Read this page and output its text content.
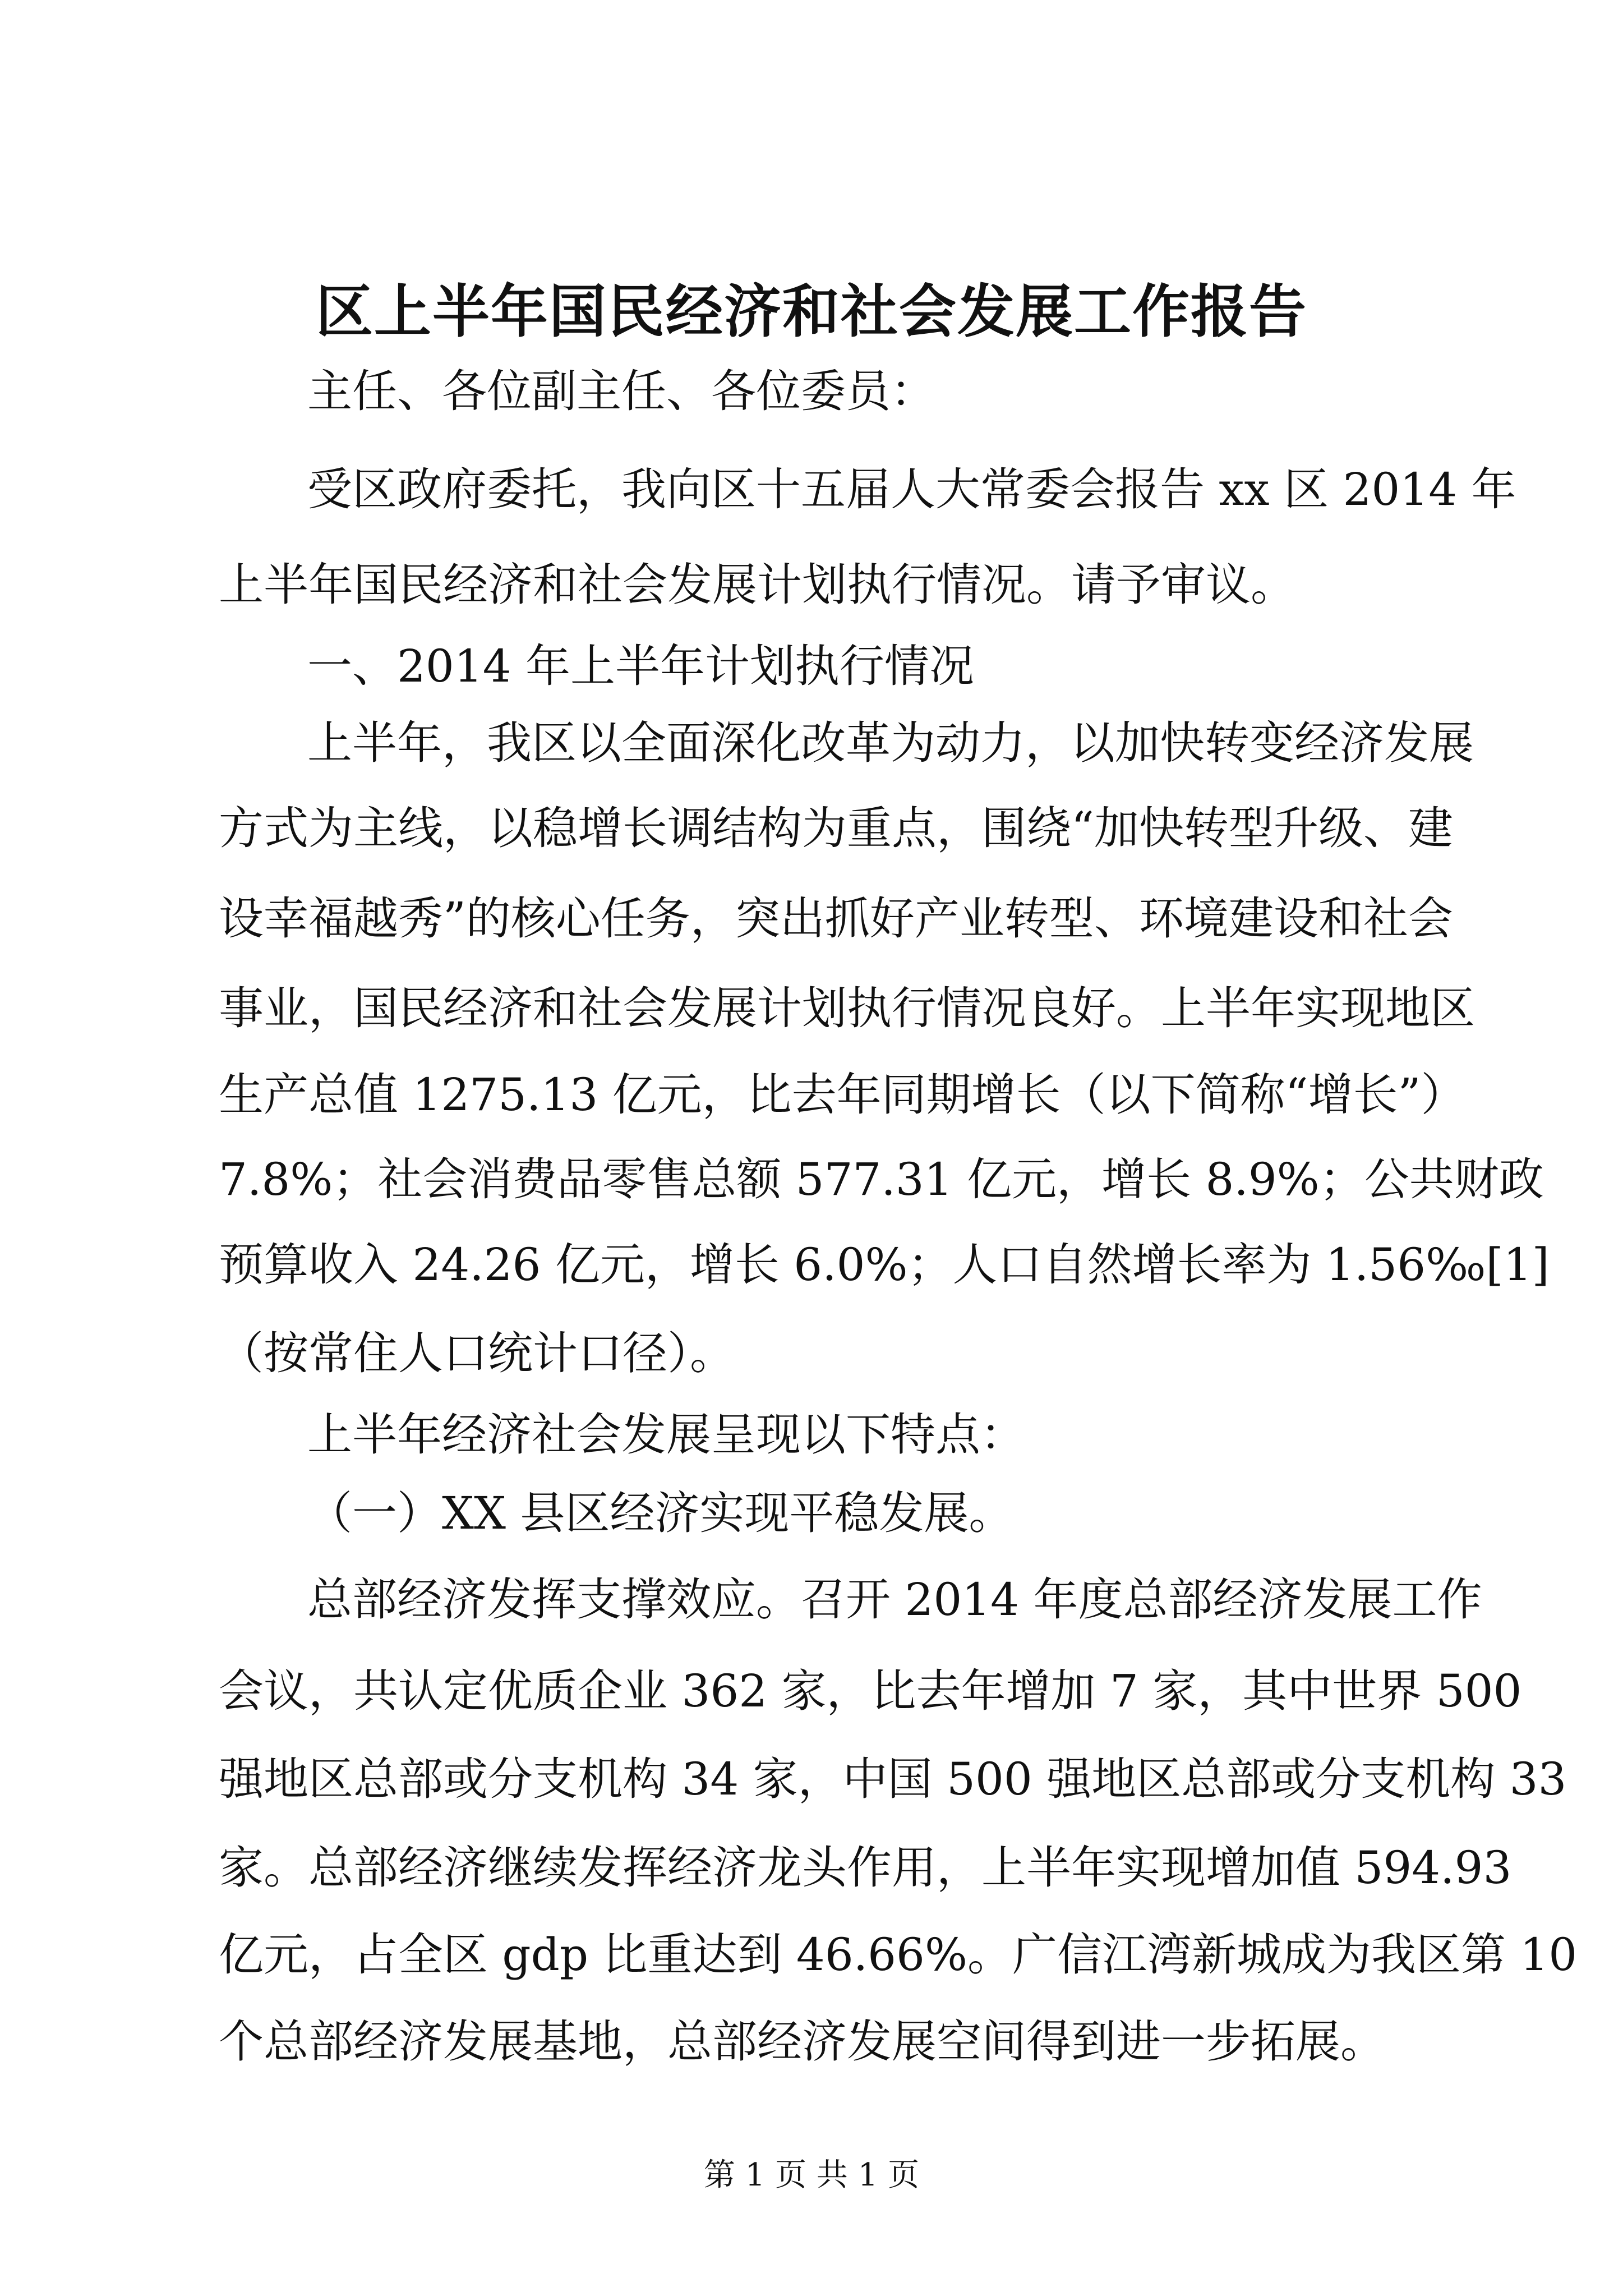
区上半年国民经济和社会发展工作报告
主任、各位副主任、各位委员：
受区政府委托，我向区十五届人大常委会报告 xx 区 2014 年
上半年国民经济和社会发展计划执行情况。请予审议。
一、2014 年上半年计划执行情况
上半年，我区以全面深化改革为动力，以加快转变经济发展
方式为主线，以稳增长调结构为重点，围绕“加快转型升级、建
设幸福越秀”的核心任务，突出抓好产业转型、环境建设和社会
事业，国民经济和社会发展计划执行情况良好。上半年实现地区
生产总值 1275.13 亿元，比去年同期增长（以下简称“增长”）
7.8%；社会消费品零售总额 577.31 亿元，增长 8.9%；公共财政
预算收入 24.26 亿元，增长 6.0%；人口自然增长率为 1.56‰[1]
（按常住人口统计口径）。
上半年经济社会发展呈现以下特点：
（一）XX 县区经济实现平稳发展。
总部经济发挥支撑效应。召开 2014 年度总部经济发展工作
会议，共认定优质企业 362 家，比去年增加 7 家，其中世界 500
强地区总部或分支机构 34 家，中国 500 强地区总部或分支机构 33
家。总部经济继续发挥经济龙头作用，上半年实现增加值 594.93
亿元，占全区 gdp 比重达到 46.66%。广信江湾新城成为我区第 10
个总部经济发展基地，总部经济发展空间得到进一步拓展。
第 1 页 共 1 页
